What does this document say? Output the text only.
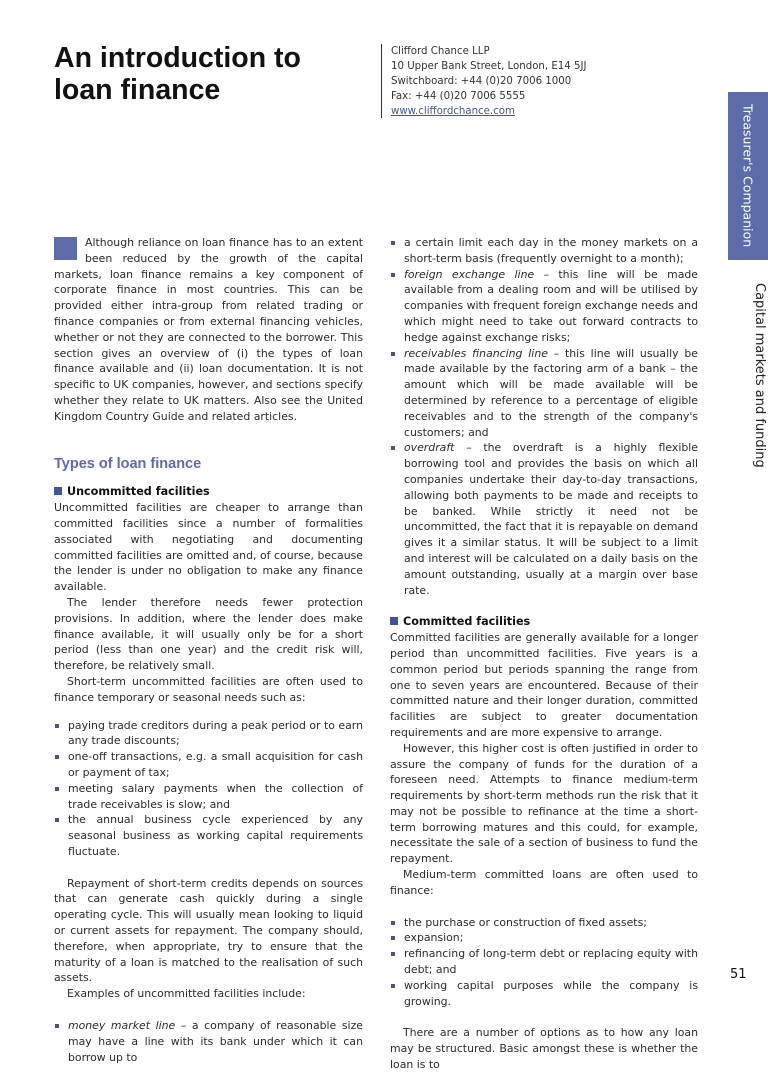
An introduction to loan finance
Clifford Chance LLP
10 Upper Bank Street, London, E14 5JJ
Switchboard: +44 (0)20 7006 1000
Fax: +44 (0)20 7006 5555
www.cliffordchance.com	Treasurer's Companion
Capital markets and funding
51

Although reliance on loan finance has to an extent been reduced by the growth of the capital markets, loan finance remains a key component of corporate finance in most countries. This can be provided either intra-group from related trading or finance companies or from external financing vehicles, whether or not they are connected to the borrower. This section gives an overview of (i) the types of loan finance available and (ii) loan documentation. It is not specific to UK companies, however, and sections specify whether they relate to UK matters. Also see the United Kingdom Country Guide and related articles.

Types of loan finance
Uncommitted facilities

Uncommitted facilities are cheaper to arrange than committed facilities since a number of formalities associated with negotiating and documenting committed facilities are omitted and, of course, because the lender is under no obligation to make any finance available.

The lender therefore needs fewer protection provisions. In addition, where the lender does make finance available, it will usually only be for a short period (less than one year) and the credit risk will, therefore, be relatively small.

Short-term uncommitted facilities are often used to finance temporary or seasonal needs such as:

paying trade creditors during a peak period or to earn any trade discounts;
one-off transactions, e.g. a small acquisition for cash or payment of tax;
meeting salary payments when the collection of trade receivables is slow; and
the annual business cycle experienced by any seasonal business as working capital requirements fluctuate.

Repayment of short-term credits depends on sources that can generate cash quickly during a single operating cycle. This will usually mean looking to liquid or current assets for repayment. The company should, therefore, when appropriate, try to ensure that the maturity of a loan is matched to the realisation of such assets.

Examples of uncommitted facilities include:

money market line – a company of reasonable size may have a line with its bank under which it can borrow up to
a certain limit each day in the money markets on a short-term basis (frequently overnight to a month);
foreign exchange line – this line will be made available from a dealing room and will be utilised by companies with frequent foreign exchange needs and which might need to take out forward contracts to hedge against exchange risks;
receivables financing line – this line will usually be made available by the factoring arm of a bank – the amount which will be made available will be determined by reference to a percentage of eligible receivables and to the strength of the company's customers; and
overdraft – the overdraft is a highly flexible borrowing tool and provides the basis on which all companies undertake their day-to-day transactions, allowing both payments to be made and receipts to be banked. While strictly it need not be uncommitted, the fact that it is repayable on demand gives it a similar status. It will be subject to a limit and interest will be calculated on a daily basis on the amount outstanding, usually at a margin over base rate.
Committed facilities

Committed facilities are generally available for a longer period than uncommitted facilities. Five years is a common period but periods spanning the range from one to seven years are encountered. Because of their committed nature and their longer duration, committed facilities are subject to greater documentation requirements and are more expensive to arrange.

However, this higher cost is often justified in order to assure the company of funds for the duration of a foreseen need. Attempts to finance medium-term requirements by short-term methods run the risk that it may not be possible to refinance at the time a short-term borrowing matures and this could, for example, necessitate the sale of a section of business to fund the repayment.

Medium-term committed loans are often used to finance:

the purchase or construction of fixed assets;
expansion;
refinancing of long-term debt or replacing equity with debt; and
working capital purposes while the company is growing.

There are a number of options as to how any loan may be structured. Basic amongst these is whether the loan is to
